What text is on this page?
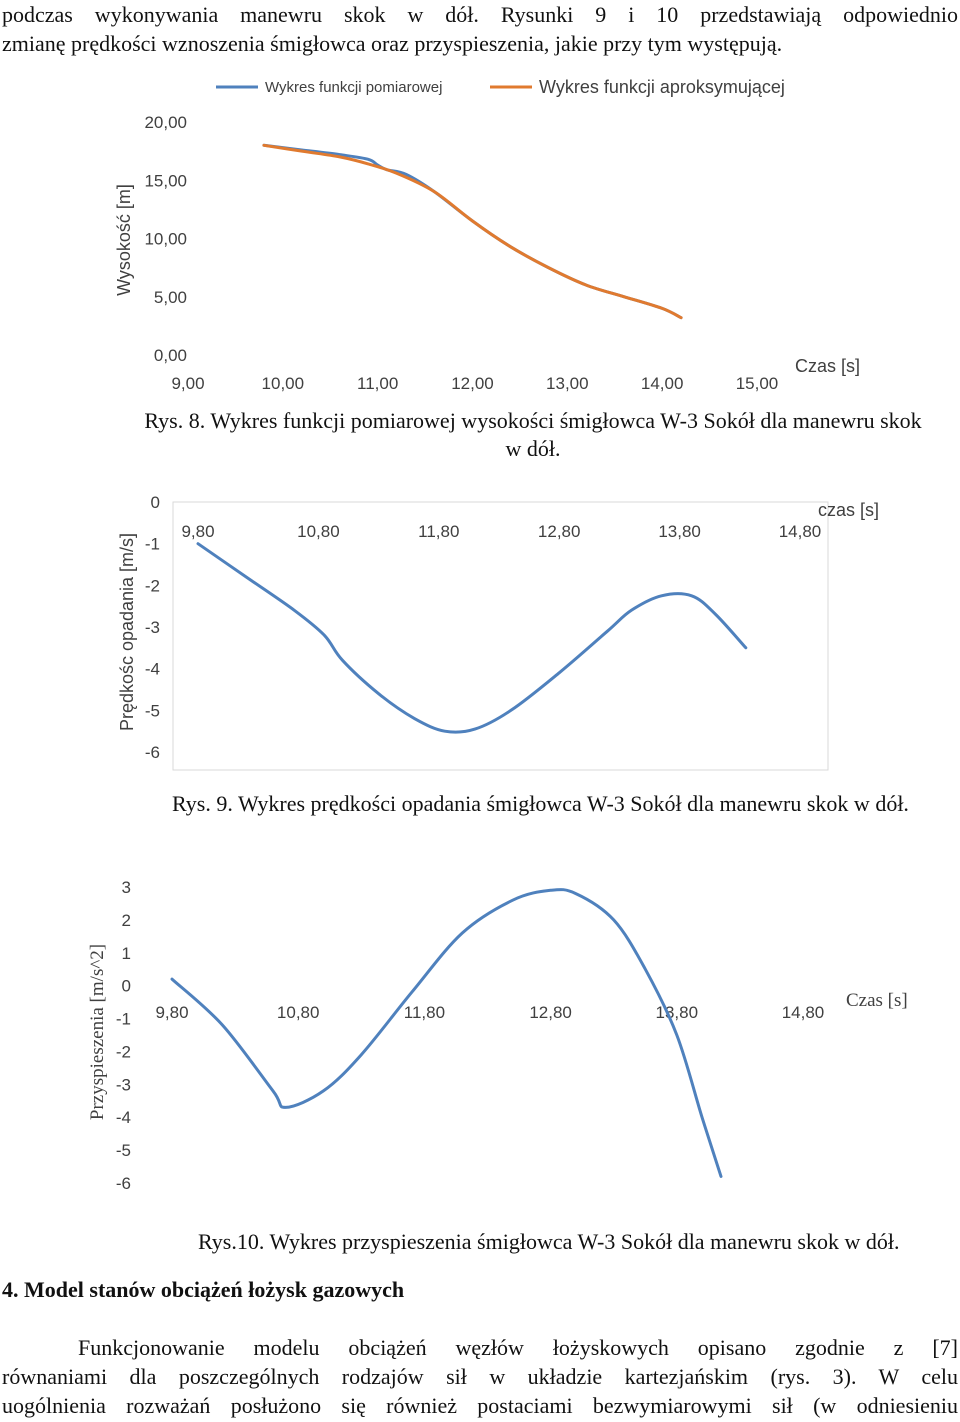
podczas wykonywania manewru skok w dół. Rysunki 9 i 10 przedstawiają odpowiednio
zmianę prędkości wznoszenia śmigłowca oraz przyspieszenia, jakie przy tym występują.
0,00
5,00
10,00
15,00
20,00
9,00	10,00	11,00	12,00	13,00	14,00	15,00
Wykres funkcji pomiarowej	Wykres funkcji aproksymującej
Wysokość [m]
Czas [s]
Rys. 8. Wykres funkcji pomiarowej wysokości śmigłowca W-3 Sokół dla manewru skok
w dół.
0
-1
-2
-3
-4
-5
-6
9,80	10,80	11,80	12,80	13,80	14,80
Prędkośc opadania [m/s]
czas [s]
Rys. 9. Wykres prędkości opadania śmigłowca W-3 Sokół dla manewru skok w dół.
3
2
1
0
-1
-2
-3
-4
-5
-6
9,80	10,80	11,80	12,80	13,80	14,80
Przyspieszenia [m/s^2]	Czas [s]
Rys.10. Wykres przyspieszenia śmigłowca W-3 Sokół dla manewru skok w dół.
4. Model stanów obciążeń łożysk gazowych
Funkcjonowanie modelu obciążeń węzłów łożyskowych opisano zgodnie z [7]
równaniami dla poszczególnych rodzajów sił w układzie kartezjańskim (rys. 3). W celu
uogólnienia rozważań posłużono się również postaciami bezwymiarowymi sił (w odniesieniu
